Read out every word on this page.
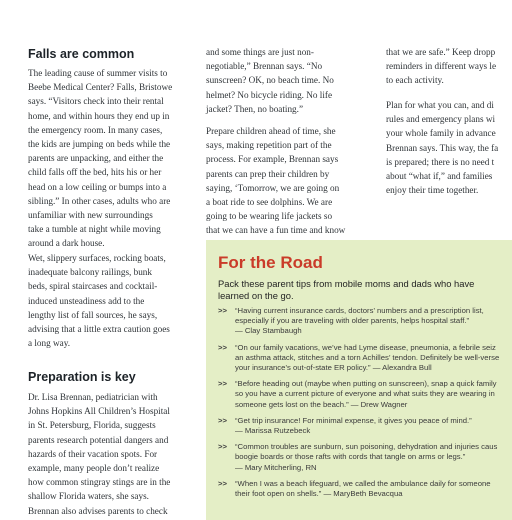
Falls are common

The leading cause of summer visits to
Beebe Medical Center? Falls, Bristowe
says. “Visitors check into their rental
home, and within hours they end up in
the emergency room. In many cases,
the kids are jumping on beds while the
parents are unpacking, and either the
child falls off the bed, hits his or her
head on a low ceiling or bumps into a
sibling.” In other cases, adults who are
unfamiliar with new surroundings
take a tumble at night while moving
around a dark house.

Wet, slippery surfaces, rocking boats,
inadequate balcony railings, bunk
beds, spiral staircases and cocktail-
induced unsteadiness add to the
lengthy list of fall sources, he says,
advising that a little extra caution goes
a long way.

Preparation is key

Dr. Lisa Brennan, pediatrician with
Johns Hopkins All Children’s Hospital
in St. Petersburg, Florida, suggests
parents research potential dangers and
hazards of their vacation spots. For
example, many people don’t realize
how common stingray stings are in the
shallow Florida waters, she says.
Brennan also advises parents to check

and some things are just non-
negotiable,” Brennan says. “No
sunscreen? OK, no beach time. No
helmet? No bicycle riding. No life
jacket? Then, no boating.”

Prepare children ahead of time, she
says, making repetition part of the
process. For example, Brennan says
parents can prep their children by
saying, ‘Tomorrow, we are going on
a boat ride to see dolphins. We are
going to be wearing life jackets so
that we can have a fun time and know

that we are safe.” Keep dropp
reminders in different ways le
to each activity.

Plan for what you can, and di
rules and emergency plans wi
your whole family in advance
Brennan says. This way, the fa
is prepared; there is no need t
about “what if,” and families
enjoy their time together.

For the Road

Pack these parent tips from mobile moms and dads who have
learned on the go.

>> “Having current insurance cards, doctors’ numbers and a prescription list,
especially if you are traveling with older parents, helps hospital staff.”
— Clay Stambaugh
>> “On our family vacations, we’ve had Lyme disease, pneumonia, a febrile seiz
an asthma attack, stitches and a torn Achilles’ tendon. Definitely be well-verse
your insurance’s out-of-state ER policy.” — Alexandra Bull
>> “Before heading out (maybe when putting on sunscreen), snap a quick family
so you have a current picture of everyone and what suits they are wearing in
someone gets lost on the beach.” — Drew Wagner
>> “Get trip insurance! For minimal expense, it gives you peace of mind.”
— Marissa Rutzebeck
>> “Common troubles are sunburn, sun poisoning, dehydration and injuries caus
boogie boards or those rafts with cords that tangle on arms or legs.”
— Mary Mitcherling, RN
>> “When I was a beach lifeguard, we called the ambulance daily for someone
their foot open on shells.” — MaryBeth Bevacqua
